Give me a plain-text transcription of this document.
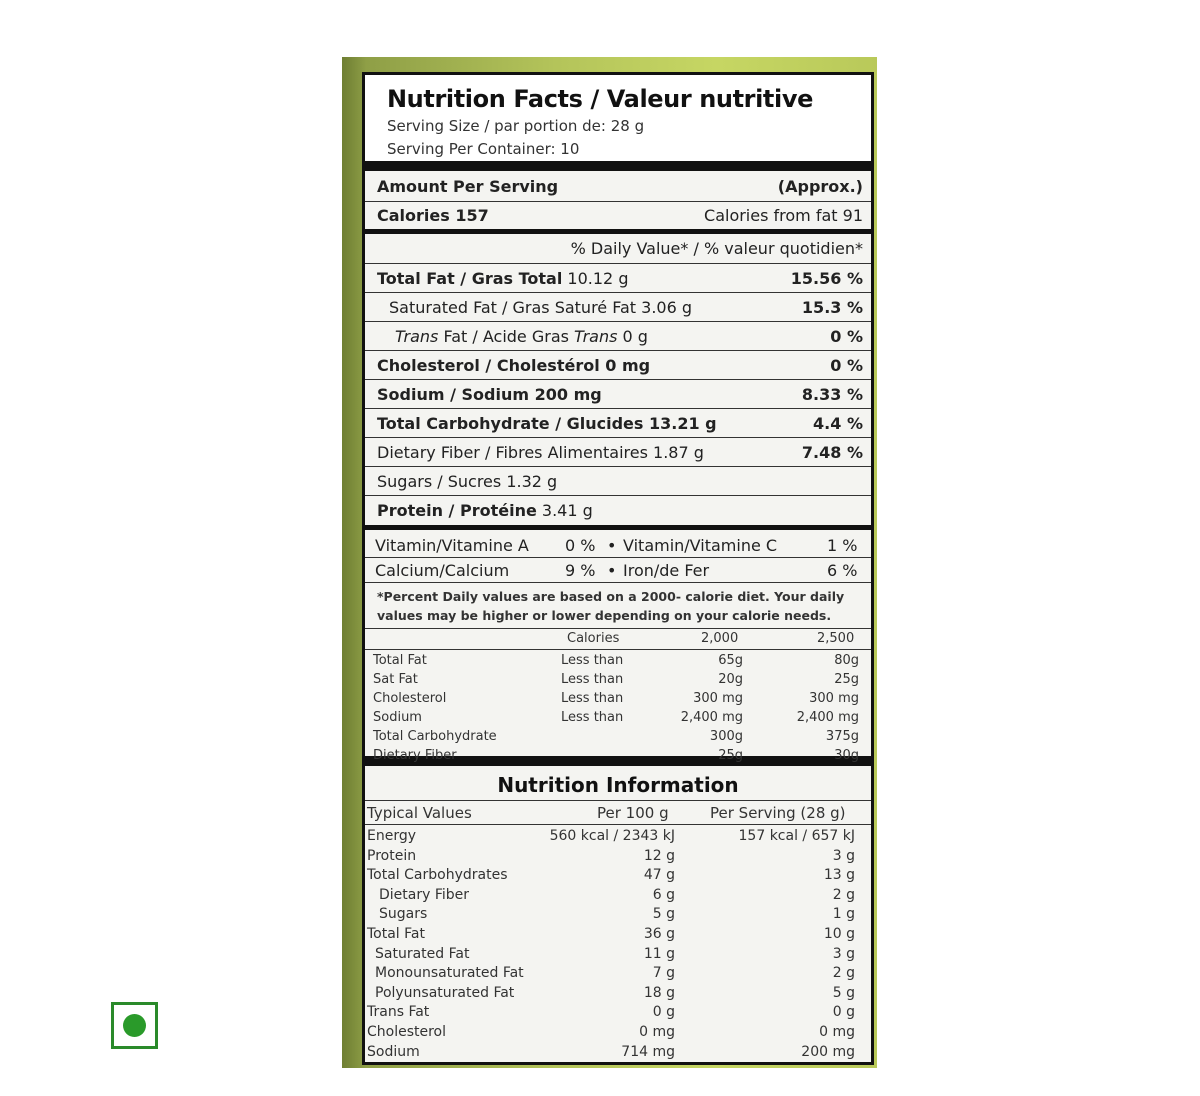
Nutrition Facts / Valeur nutritive
Serving Size / par portion de: 28 g
Serving Per Container: 10
Amount Per Serving	(Approx.)
Calories 157	Calories from fat 91
% Daily Value* / % valeur quotidien*
Total Fat / Gras Total 10.12 g	15.56 %
Saturated Fat / Gras Saturé Fat 3.06 g	15.3 %
Trans Fat / Acide Gras Trans 0 g	0 %
Cholesterol / Cholestérol 0 mg	0 %
Sodium / Sodium 200 mg	8.33 %
Total Carbohydrate / Glucides 13.21 g	4.4 %
Dietary Fiber / Fibres Alimentaires 1.87 g	7.48 %
Sugars / Sucres 1.32 g
Protein / Protéine 3.41 g
Vitamin/Vitamine A	0 % • Vitamin/Vitamine C	1 %
Calcium/Calcium	9 % • Iron/de Fer	6 %
*Percent Daily values are based on a 2000- calorie diet. Your daily values may be higher or lower depending on your calorie needs.
Calories	2,000	2,500
Total Fat	Less than	65g	80g
Sat Fat	Less than	20g	25g
Cholesterol	Less than	300 mg	300 mg
Sodium	Less than	2,400 mg	2,400 mg
Total Carbohydrate	300g	375g
Dietary Fiber	25g	30g
Nutrition Information
Typical Values	Per 100 g	Per Serving (28 g)
Energy	560 kcal / 2343 kJ	157 kcal / 657 kJ
Protein	12 g	3 g
Total Carbohydrates	47 g	13 g
Dietary Fiber	6 g	2 g
Sugars	5 g	1 g
Total Fat	36 g	10 g
Saturated Fat	11 g	3 g
Monounsaturated Fat	7 g	2 g
Polyunsaturated Fat	18 g	5 g
Trans Fat	0 g	0 g
Cholesterol	0 mg	0 mg
Sodium	714 mg	200 mg
